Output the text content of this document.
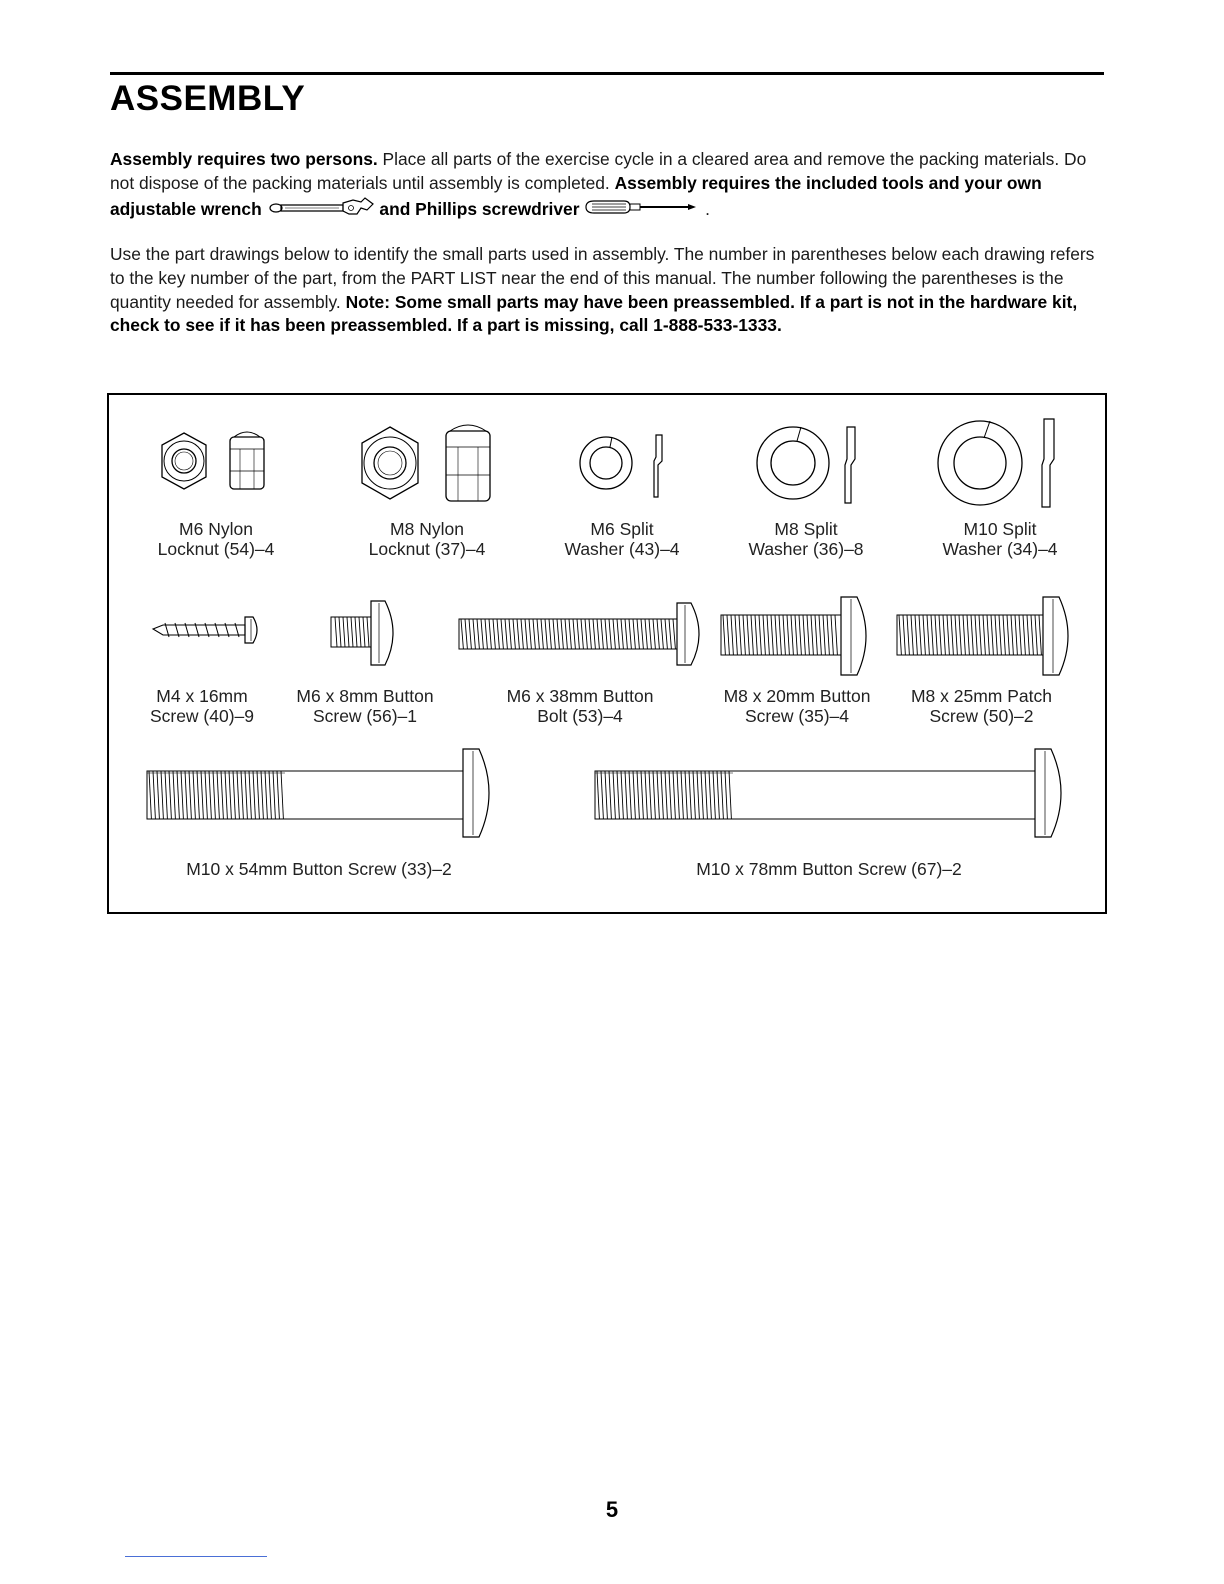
ASSEMBLY

Assembly requires two persons. Place all parts of the exercise cycle in a cleared area and remove the packing materials. Do not dispose of the packing materials until assembly is completed. Assembly requires the included tools and your own adjustable wrench	and Phillips screwdriver	.

Use the part drawings below to identify the small parts used in assembly. The number in parentheses below each drawing refers to the key number of the part, from the PART LIST near the end of this manual. The number following the parentheses is the quantity needed for assembly. Note: Some small parts may have been preassembled. If a part is not in the hardware kit, check to see if it has been preassembled. If a part is missing, call 1-888-533-1333.

M6 Nylon
Locknut (54)–4
M8 Nylon
Locknut (37)–4
M6 Split
Washer (43)–4
M8 Split
Washer (36)–8
M10 Split
Washer (34)–4
M4 x 16mm
Screw (40)–9
M6 x 8mm Button
Screw (56)–1
M6 x 38mm Button
Bolt (53)–4
M8 x 20mm Button
Screw (35)–4
M8 x 25mm Patch
Screw (50)–2
M10 x 54mm Button Screw (33)–2	M10 x 78mm Button Screw (67)–2
5
